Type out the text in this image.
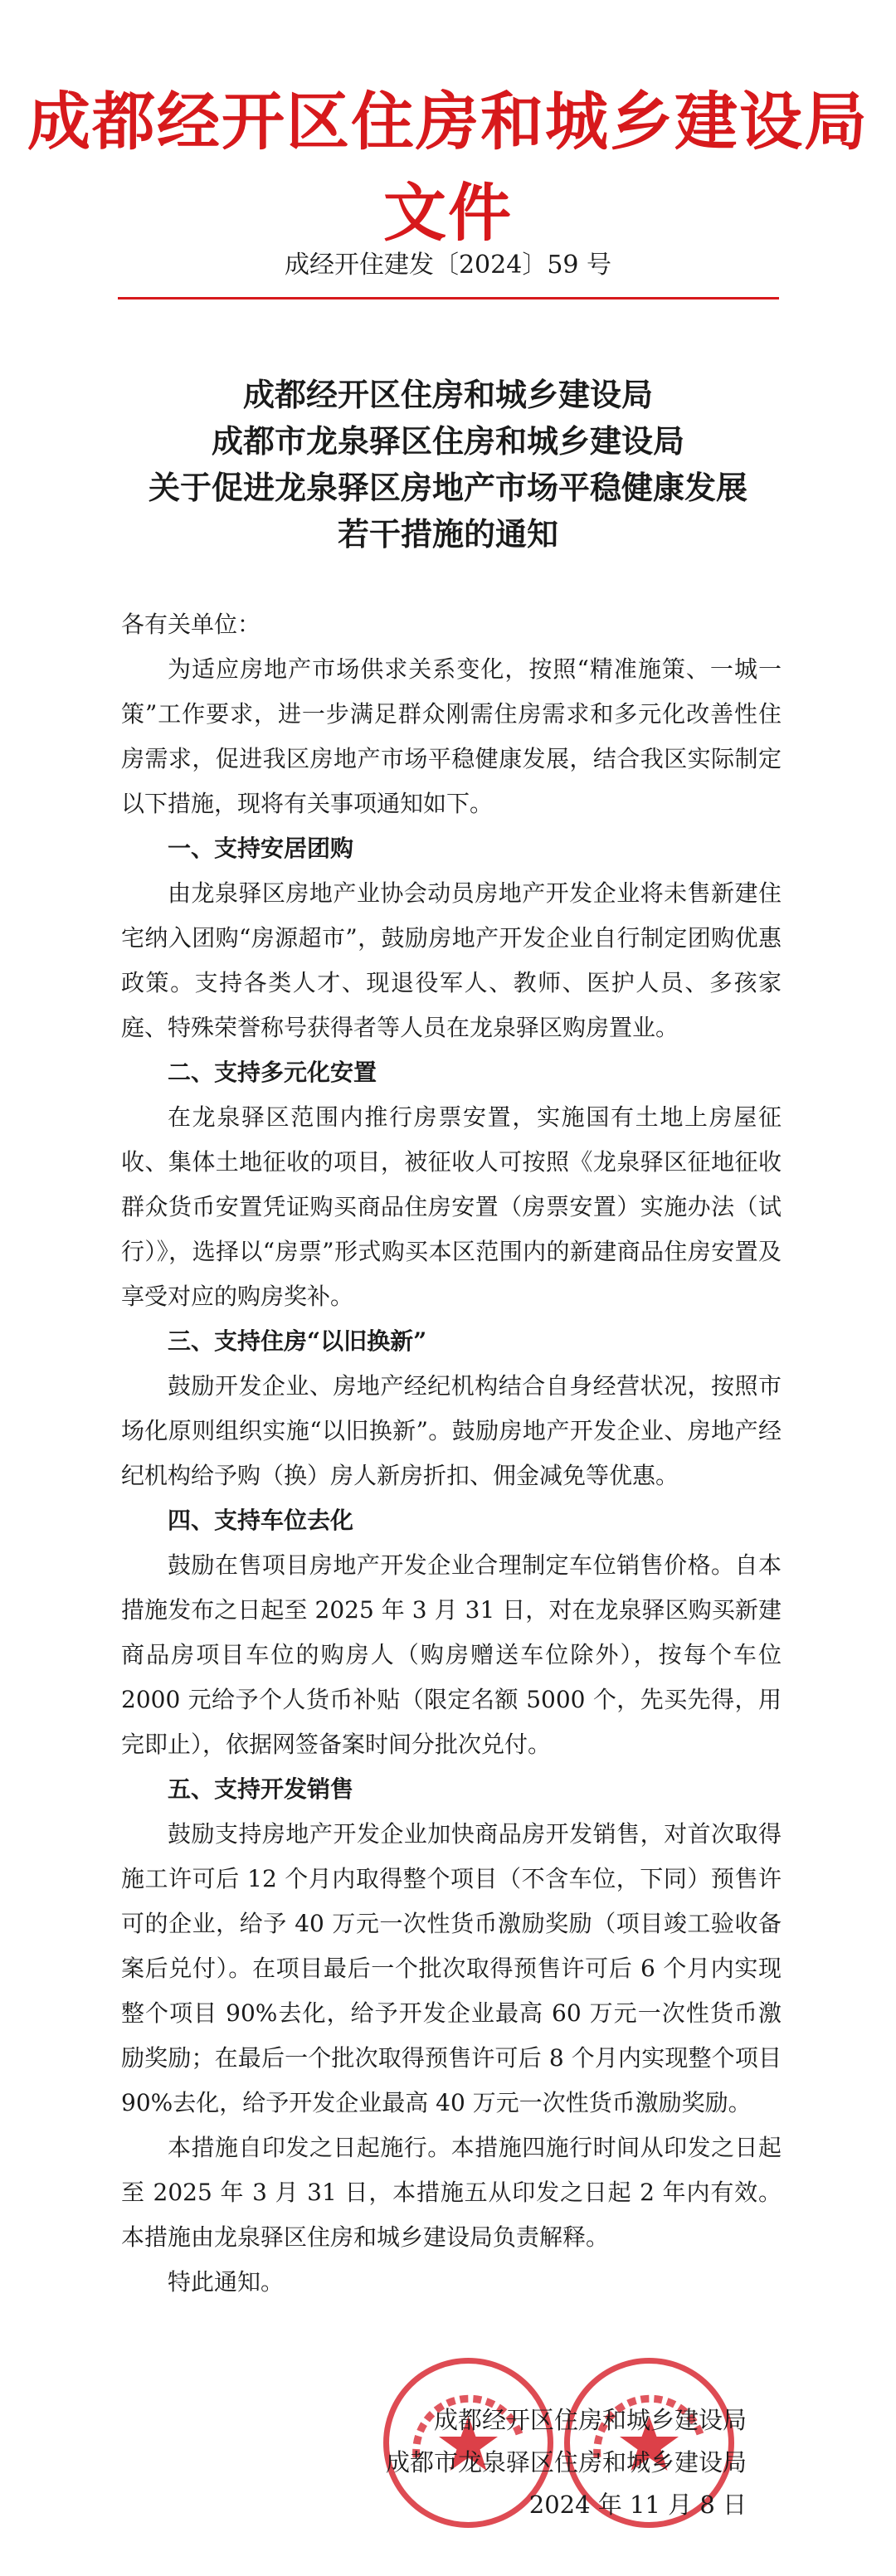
成都经开区住房和城乡建设局文件
成经开住建发〔2024〕59 号
成都经开区住房和城乡建设局
成都市龙泉驿区住房和城乡建设局
关于促进龙泉驿区房地产市场平稳健康发展
若干措施的通知

各有关单位：

为适应房地产市场供求关系变化，按照“精准施策、一城一策”工作要求，进一步满足群众刚需住房需求和多元化改善性住房需求，促进我区房地产市场平稳健康发展，结合我区实际制定以下措施，现将有关事项通知如下。

一、支持安居团购

由龙泉驿区房地产业协会动员房地产开发企业将未售新建住宅纳入团购“房源超市”，鼓励房地产开发企业自行制定团购优惠政策。支持各类人才、现退役军人、教师、医护人员、多孩家庭、特殊荣誉称号获得者等人员在龙泉驿区购房置业。

二、支持多元化安置

在龙泉驿区范围内推行房票安置，实施国有土地上房屋征收、集体土地征收的项目，被征收人可按照《龙泉驿区征地征收群众货币安置凭证购买商品住房安置（房票安置）实施办法（试行）》，选择以“房票”形式购买本区范围内的新建商品住房安置及享受对应的购房奖补。

三、支持住房“以旧换新”

鼓励开发企业、房地产经纪机构结合自身经营状况，按照市场化原则组织实施“以旧换新”。鼓励房地产开发企业、房地产经纪机构给予购（换）房人新房折扣、佣金减免等优惠。

四、支持车位去化

鼓励在售项目房地产开发企业合理制定车位销售价格。自本措施发布之日起至 2025 年 3 月 31 日，对在龙泉驿区购买新建商品房项目车位的购房人（购房赠送车位除外），按每个车位 2000 元给予个人货币补贴（限定名额 5000 个，先买先得，用完即止），依据网签备案时间分批次兑付。

五、支持开发销售

鼓励支持房地产开发企业加快商品房开发销售，对首次取得施工许可后 12 个月内取得整个项目（不含车位，下同）预售许可的企业，给予 40 万元一次性货币激励奖励（项目竣工验收备案后兑付）。在项目最后一个批次取得预售许可后 6 个月内实现整个项目 90%去化，给予开发企业最高 60 万元一次性货币激励奖励；在最后一个批次取得预售许可后 8 个月内实现整个项目 90%去化，给予开发企业最高 40 万元一次性货币激励奖励。

本措施自印发之日起施行。本措施四施行时间从印发之日起至 2025 年 3 月 31 日，本措施五从印发之日起 2 年内有效。本措施由龙泉驿区住房和城乡建设局负责解释。

特此通知。

成都经开区住房和城乡建设局
成都市龙泉驿区住房和城乡建设局
2024 年 11 月 8 日
